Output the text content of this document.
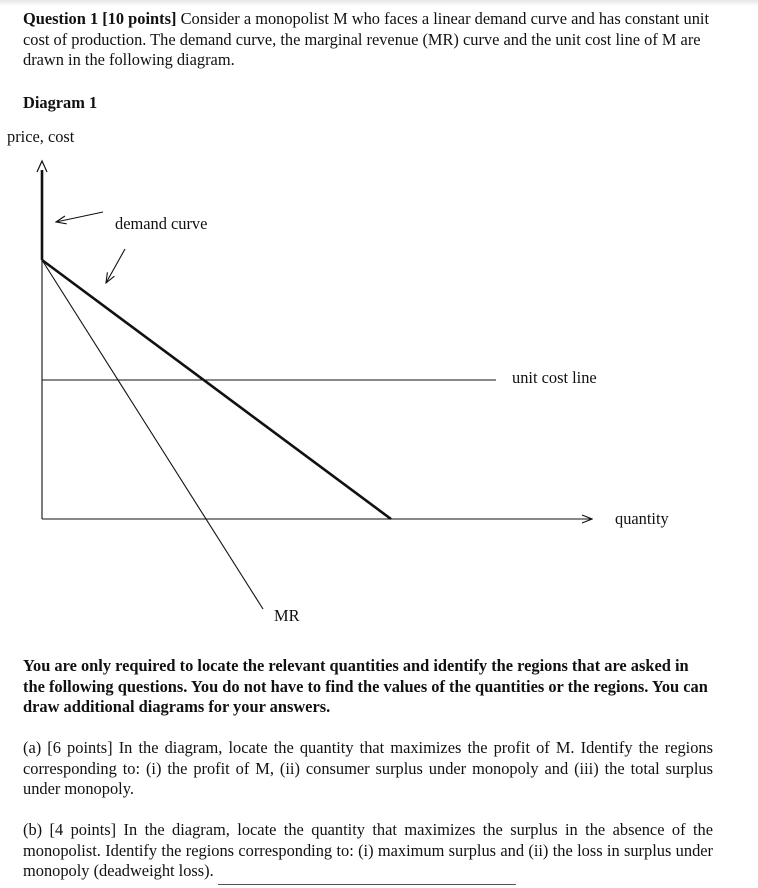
Question 1 [10 points] Consider a monopolist M who faces a linear demand curve and has constant unit cost of production. The demand curve, the marginal revenue (MR) curve and the unit cost line of M are drawn in the following diagram.

Diagram 1

price, cost
quantity
unit cost line
MR
demand curve

You are only required to locate the relevant quantities and identify the regions that are asked in the following questions. You do not have to find the values of the quantities or the regions. You can draw additional diagrams for your answers.

(a) [6 points] In the diagram, locate the quantity that maximizes the profit of M. Identify the regions corresponding to: (i) the profit of M, (ii) consumer surplus under monopoly and (iii) the total surplus under monopoly.

(b) [4 points] In the diagram, locate the quantity that maximizes the surplus in the absence of the monopolist. Identify the regions corresponding to: (i) maximum surplus and (ii) the loss in surplus under monopoly (deadweight loss).
